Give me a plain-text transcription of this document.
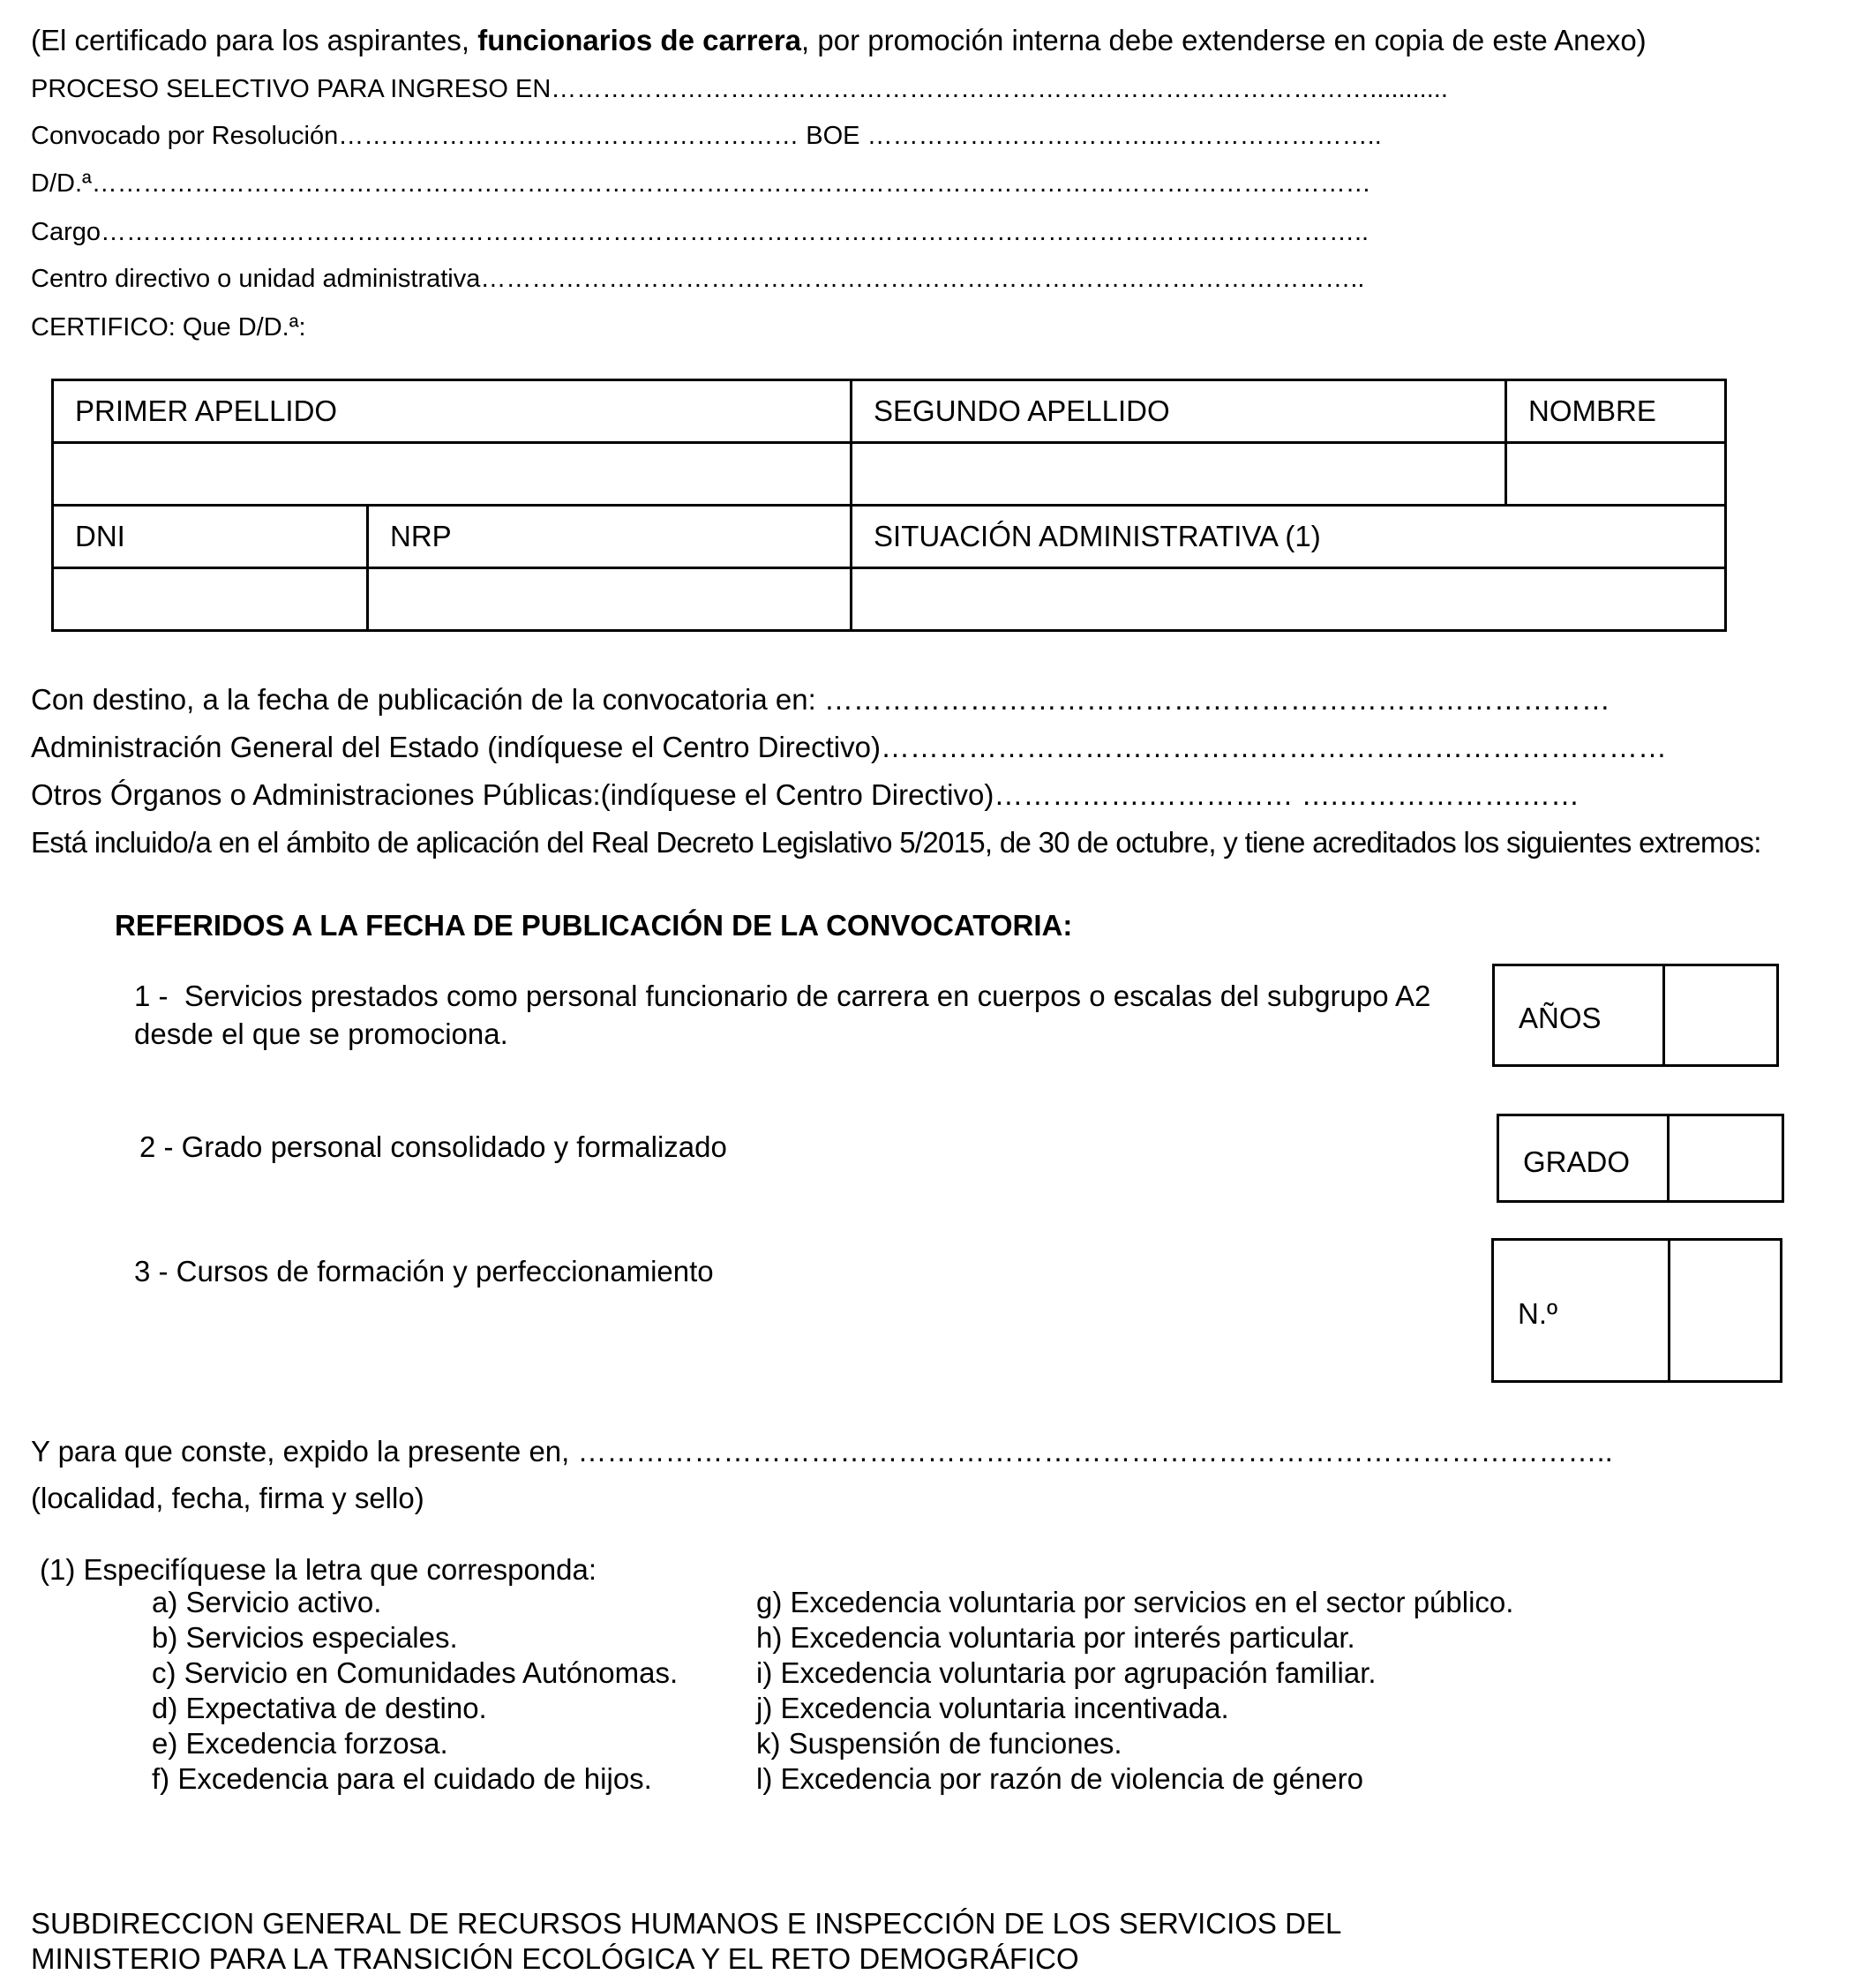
(El certificado para los aspirantes, funcionarios de carrera, por promoción interna debe extenderse en copia de este Anexo)
PROCESO SELECTIVO PARA INGRESO EN……………………………………………………………………………………...........
Convocado por Resolución……………………………………………… BOE ……………………………..……………………..
D/D.ª……………………………………………………………………………………………………………………………………
Cargo…………………………………………………………………………………………………………………………………..
Centro directivo o unidad administrativa…………………………………………………………………………………………..
CERTIFICO: Que D/D.ª:
PRIMER APELLIDO		SEGUNDO APELLIDO	NOMBRE

DNI	NRP	SITUACIÓN ADMINISTRATIVA (1)	

Con destino, a la fecha de publicación de la convocatoria en: ………………………………………………………………………
Administración General del Estado (indíquese el Centro Directivo)………………………………………………………………………
Otros Órganos o Administraciones Públicas:(indíquese el Centro Directivo)…………….…………… ….……………….……
Está incluido/a en el ámbito de aplicación del Real Decreto Legislativo 5/2015, de 30 de octubre, y tiene acreditados los siguientes extremos:
REFERIDOS A LA FECHA DE PUBLICACIÓN DE LA CONVOCATORIA:
1 -  Servicios prestados como personal funcionario de carrera en cuerpos o escalas del subgrupo A2
desde el que se promociona.	AÑOS
2 - Grado personal consolidado y formalizado	GRADO
3 - Cursos de formación y perfeccionamiento
N.º
Y para que conste, expido la presente en, ……………………………………………………………………………………………..
(localidad, fecha, firma y sello)
(1) Especifíquese la letra que corresponda:
a) Servicio activo.
b) Servicios especiales.
c) Servicio en Comunidades Autónomas.
d) Expectativa de destino.
e) Excedencia forzosa.
f) Excedencia para el cuidado de hijos.
g) Excedencia voluntaria por servicios en el sector público.
h) Excedencia voluntaria por interés particular.
i) Excedencia voluntaria por agrupación familiar.
j) Excedencia voluntaria incentivada.
k) Suspensión de funciones.
l) Excedencia por razón de violencia de género
SUBDIRECCION GENERAL DE RECURSOS HUMANOS E INSPECCIÓN DE LOS SERVICIOS DEL
MINISTERIO PARA LA TRANSICIÓN ECOLÓGICA Y EL RETO DEMOGRÁFICO
